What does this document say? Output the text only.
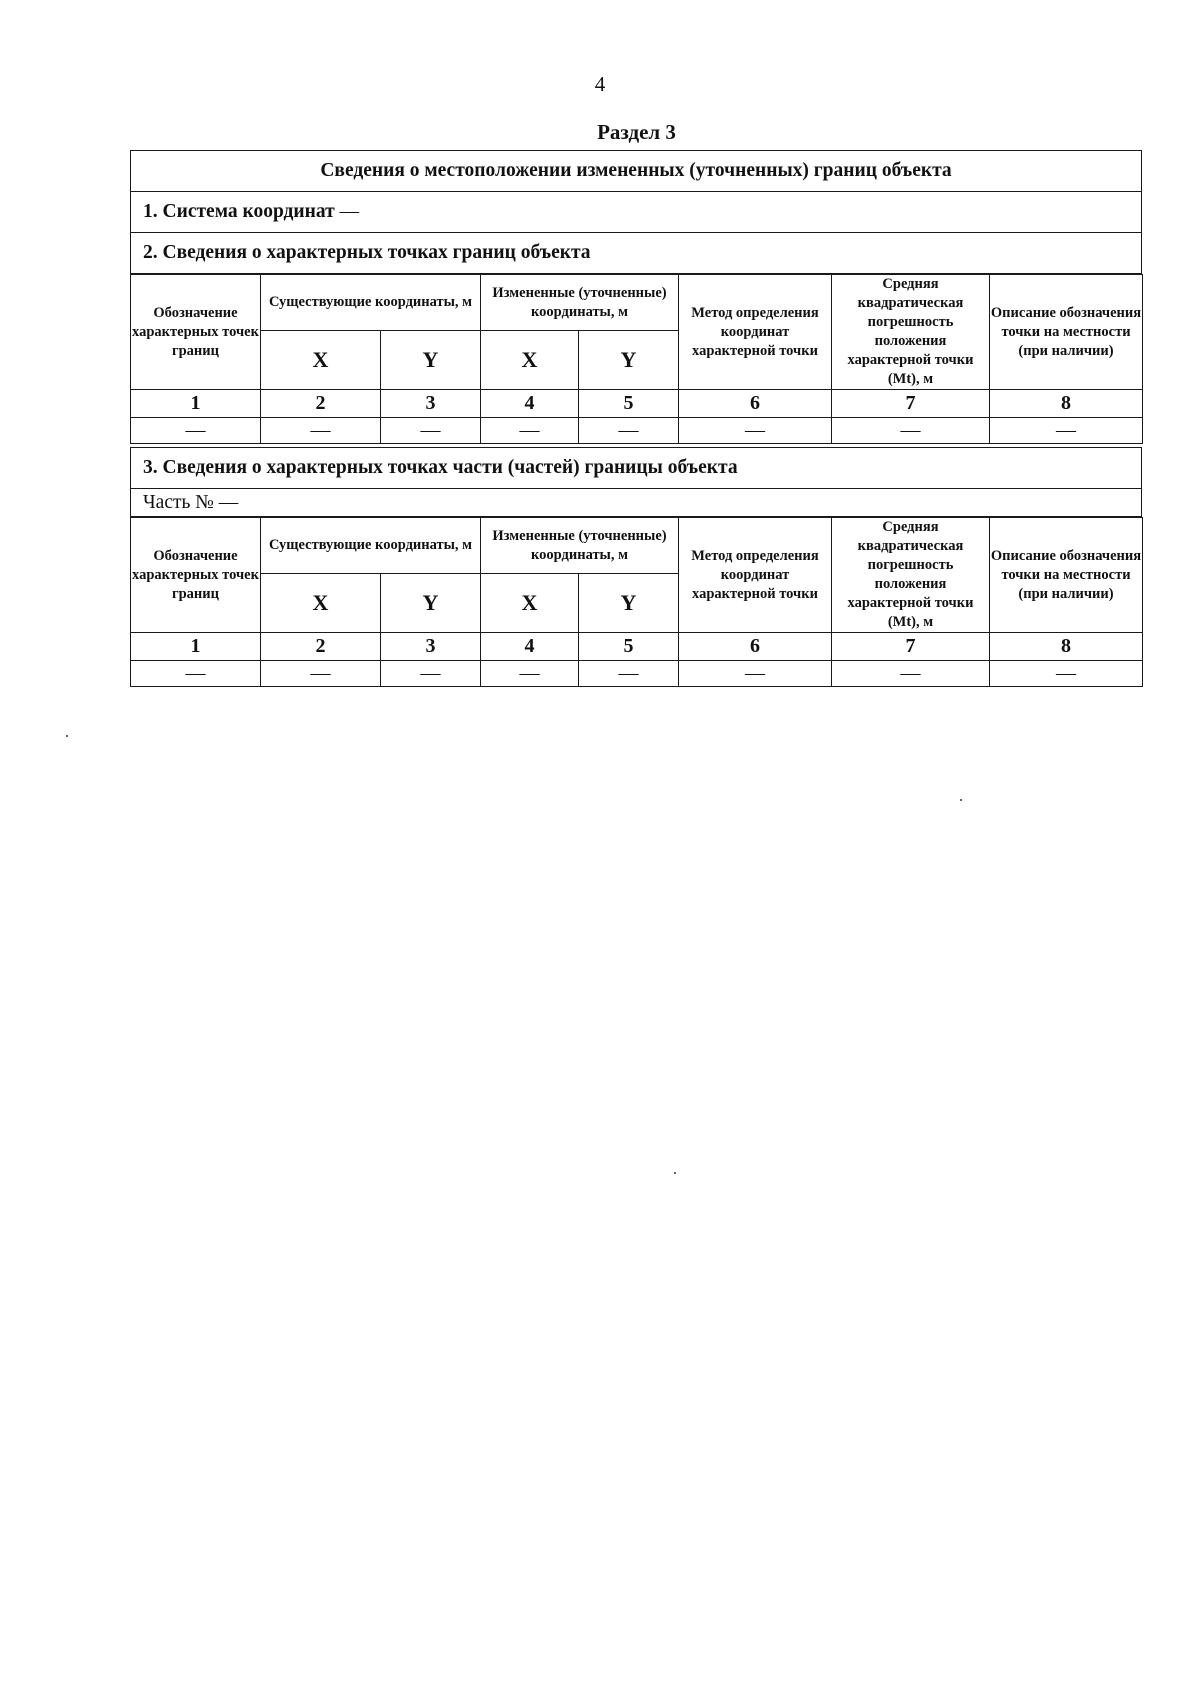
4
Раздел 3
Сведения о местоположении измененных (уточненных) границ объекта
1. Система координат —
2. Сведения о характерных точках границ объекта
Обозначение характерных точек границ	Существующие координаты, м		Измененные (уточненные) координаты, м		Метод определения координат характерной точки	Средняя квадратическая погрешность положения характерной точки (Mt), м	Описание обозначения точки на местности (при наличии)
	X	Y	X	Y			
1	2	3	4	5	6	7	8
—	—	—	—	—	—	—	—
3. Сведения о характерных точках части (частей) границы объекта
Часть № —
Обозначение характерных точек границ	Существующие координаты, м		Измененные (уточненные) координаты, м		Метод определения координат характерной точки	Средняя квадратическая погрешность положения характерной точки (Mt), м	Описание обозначения точки на местности (при наличии)
	X	Y	X	Y			
1	2	3	4	5	6	7	8
—	—	—	—	—	—	—	—
